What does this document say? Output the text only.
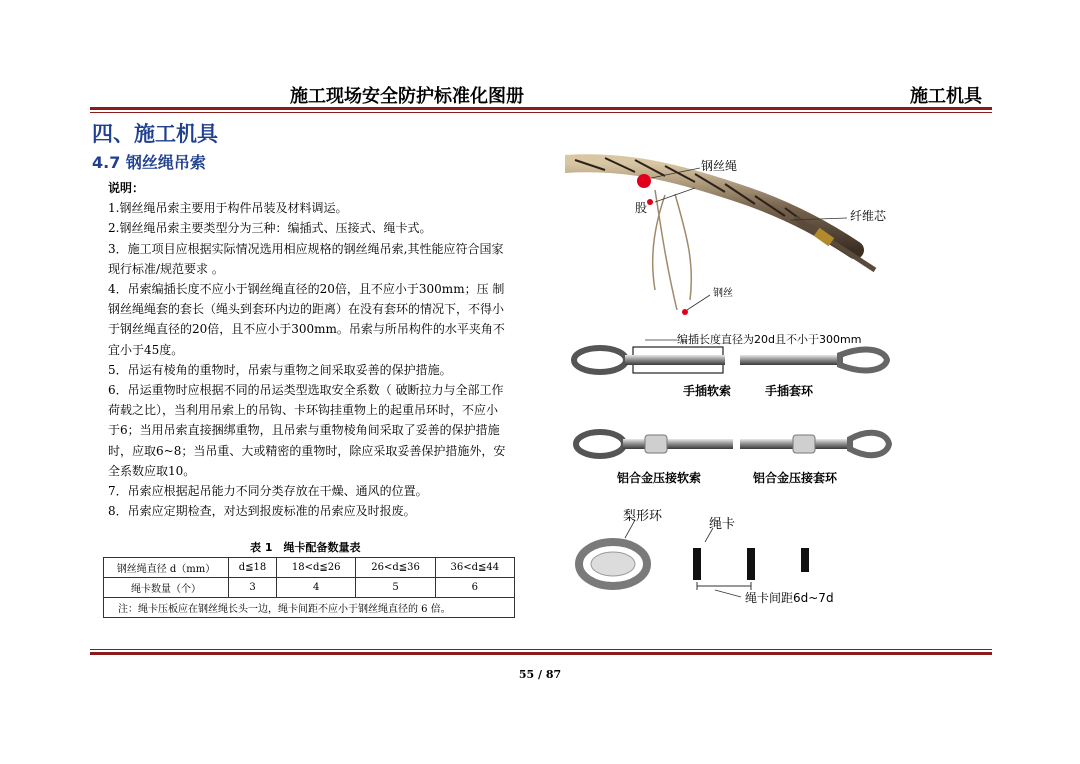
施工现场安全防护标准化图册	施工机具
四、施工机具
4.7 钢丝绳吊索
说明：

1.钢丝绳吊索主要用于构件吊装及材料调运。

2.钢丝绳吊索主要类型分为三种：编插式、压接式、绳卡式。

3．施工项目应根据实际情况选用相应规格的钢丝绳吊索,其性能应符合国家现行标准/规范要求 。

4．吊索编插长度不应小于钢丝绳直径的20倍，且不应小于300mm；压 制钢丝绳绳套的套长（绳头到套环内边的距离）在没有套环的情况下，不得小于钢丝绳直径的20倍，且不应小于300mm。吊索与所吊构件的水平夹角不宜小于45度。

5．吊运有棱角的重物时，吊索与重物之间采取妥善的保护措施。

6．吊运重物时应根据不同的吊运类型选取安全系数（ 破断拉力与全部工作荷载之比），当利用吊索上的吊钩、卡环钩挂重物上的起重吊环时，不应小于6；当用吊索直接捆绑重物，且吊索与重物棱角间采取了妥善的保护措施时，应取6~8；当吊重、大或精密的重物时，除应采取妥善保护措施外，安全系数应取10。

7．吊索应根据起吊能力不同分类存放在干燥、通风的位置。

8．吊索应定期检查，对达到报废标准的吊索应及时报废。

表 1　绳卡配备数量表
钢丝绳直径 d（mm）	d≦18	18<d≦26	26<d≦36	36<d≦44
绳卡数量（个）	3	4	5	6
注：绳卡压板应在钢丝绳长头一边，绳卡间距不应小于钢丝绳直径的 6 倍。				
钢丝绳
股
纤维芯
钢丝
编插长度直径为20d且不小于300mm
手插软索	手插套环
铝合金压接软索	铝合金压接套环
梨形环
绳卡
绳卡间距6d~7d
55 / 87
